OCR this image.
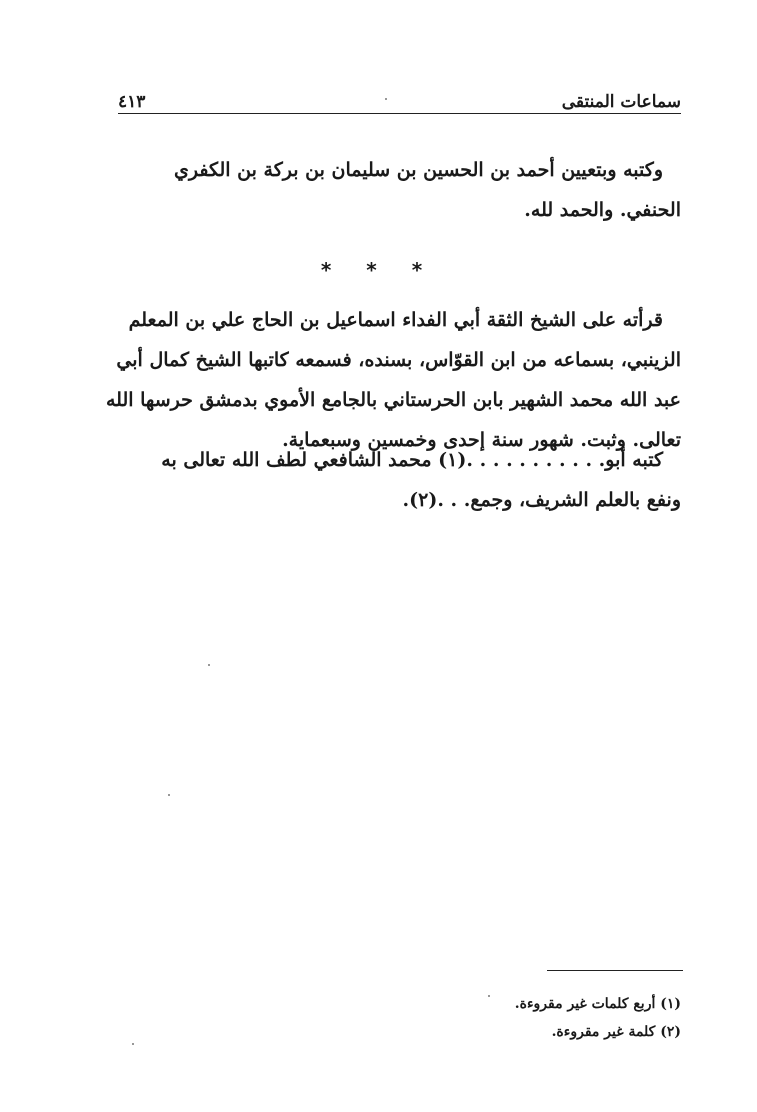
سماعات المنتقى
٤١٣

وكتبه وبتعيين أحمد بن الحسين بن سليمان بن بركة بن الكفري
الحنفي. والحمد لله.

* * *

قرأته على الشيخ الثقة أبي الفداء اسماعيل بن الحاج علي بن المعلم
الزينبي، بسماعه من ابن القوّاس، بسنده، فسمعه كاتبها الشيخ كمال أبي
عبد الله محمد الشهير بابن الحرستاني بالجامع الأموي بدمشق حرسها الله
تعالى. وثبت. شهور سنة إحدى وخمسين وسبعماية.

كتبه أبو. . . . . . . . . . .(١) محمد الشافعي لطف الله تعالى به
ونفع بالعلم الشريف، وجمع. . .(٢).

(١) أربع كلمات غير مقروءة.
(٢) كلمة غير مقروءة.
